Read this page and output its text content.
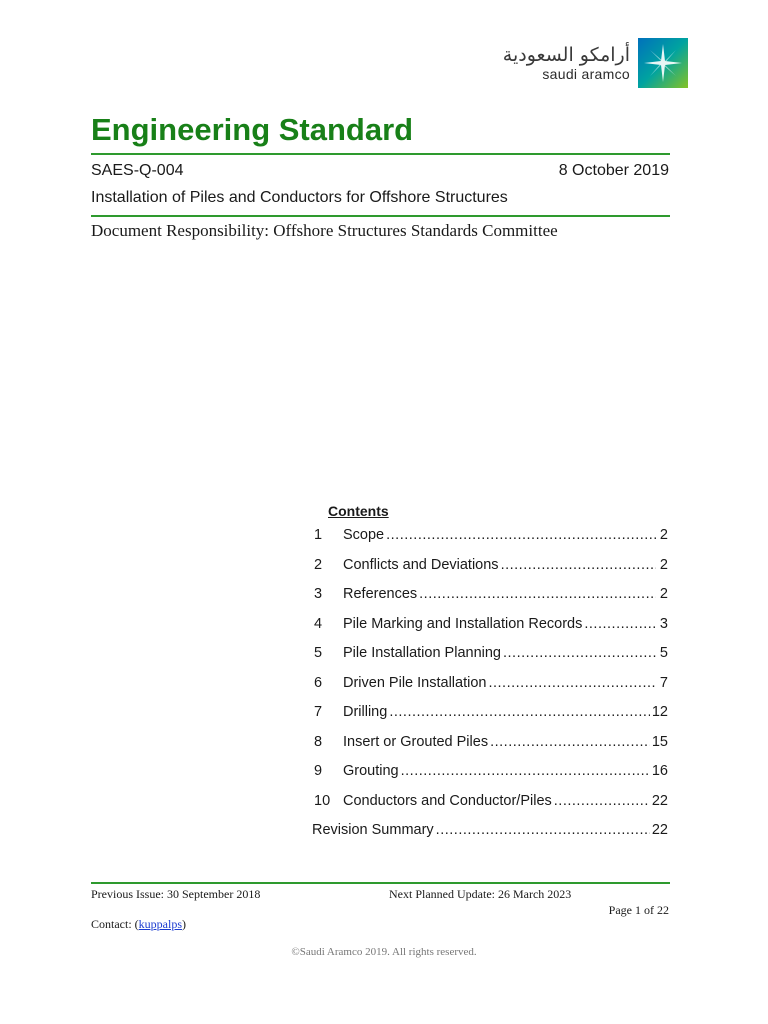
أرامكو السعودية
saudi aramco
Engineering Standard
SAES-Q-004	8 October 2019
Installation of Piles and Conductors for Offshore Structures
Document Responsibility: Offshore Structures Standards Committee
Contents
1	Scope .....	2
2	Conflicts and Deviations .....	2
3	References .....	2
4	Pile Marking and Installation Records .....	3
5	Pile Installation Planning .....	5
6	Driven Pile Installation .....	7
7	Drilling .....	12
8	Insert or Grouted Piles .....	15
9	Grouting .....	16
10 Conductors and Conductor/Piles .....	22
Revision Summary .....	22
Previous Issue: 30 September 2018	Next Planned Update: 26 March 2023
Page 1 of 22
Contact: (kuppalps)
©Saudi Aramco 2019. All rights reserved.
